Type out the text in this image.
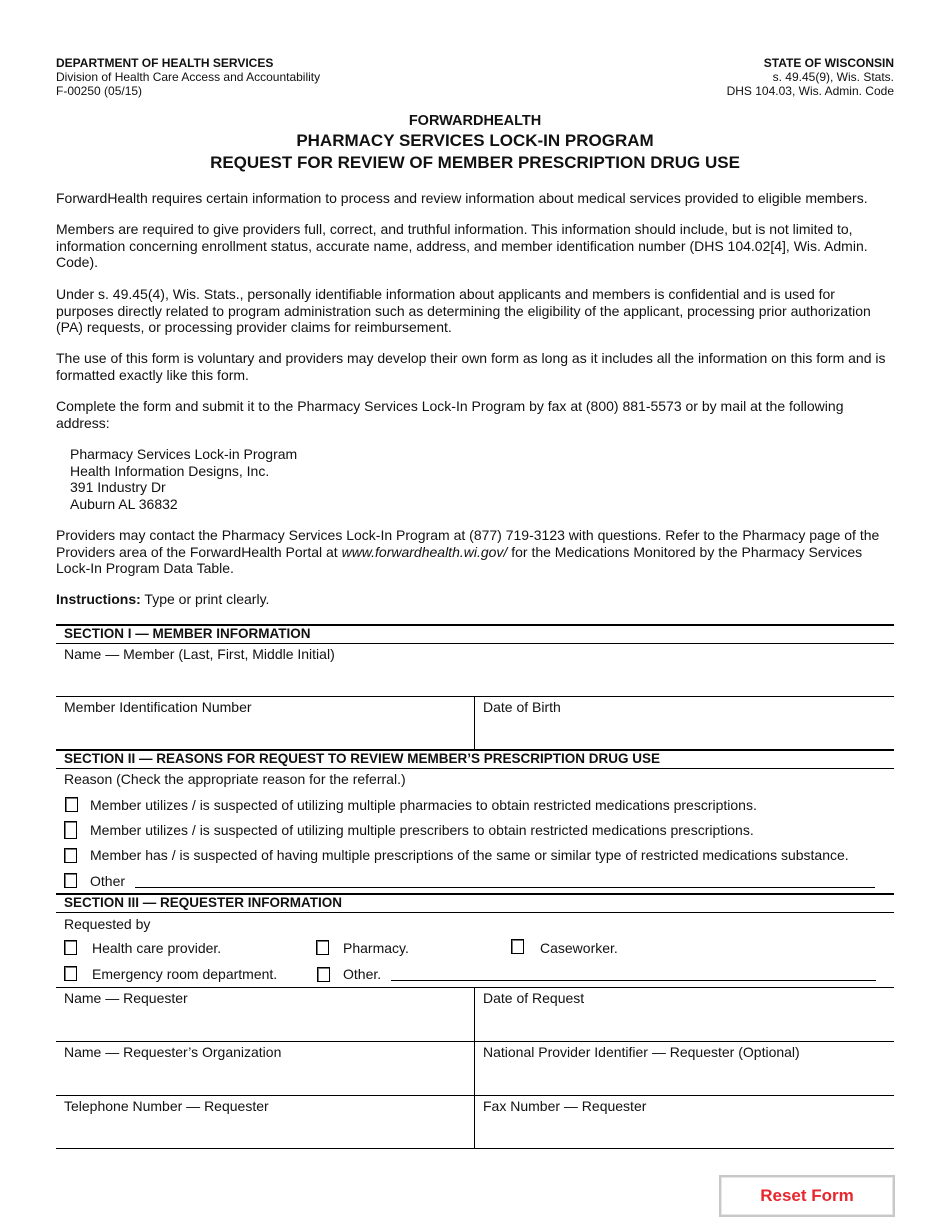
DEPARTMENT OF HEALTH SERVICES
Division of Health Care Access and Accountability
F-00250 (05/15)
STATE OF WISCONSIN
s. 49.45(9), Wis. Stats.
DHS 104.03, Wis. Admin. Code
FORWARDHEALTH
PHARMACY SERVICES LOCK-IN PROGRAM
REQUEST FOR REVIEW OF MEMBER PRESCRIPTION DRUG USE
ForwardHealth requires certain information to process and review information about medical services provided to eligible members.
Members are required to give providers full, correct, and truthful information. This information should include, but is not limited to, information concerning enrollment status, accurate name, address, and member identification number (DHS 104.02[4], Wis. Admin. Code).
Under s. 49.45(4), Wis. Stats., personally identifiable information about applicants and members is confidential and is used for purposes directly related to program administration such as determining the eligibility of the applicant, processing prior authorization (PA) requests, or processing provider claims for reimbursement.
The use of this form is voluntary and providers may develop their own form as long as it includes all the information on this form and is formatted exactly like this form.
Complete the form and submit it to the Pharmacy Services Lock-In Program by fax at (800) 881-5573 or by mail at the following address:
Pharmacy Services Lock-in Program
Health Information Designs, Inc.
391 Industry Dr
Auburn AL 36832
Providers may contact the Pharmacy Services Lock-In Program at (877) 719-3123 with questions. Refer to the Pharmacy page of the Providers area of the ForwardHealth Portal at www.forwardhealth.wi.gov/ for the Medications Monitored by the Pharmacy Services Lock-In Program Data Table.
Instructions: Type or print clearly.
SECTION I — MEMBER INFORMATION
Name — Member (Last, First, Middle Initial)
Member Identification Number	Date of Birth
SECTION II — REASONS FOR REQUEST TO REVIEW MEMBER’S PRESCRIPTION DRUG USE
Reason (Check the appropriate reason for the referral.)
Member utilizes / is suspected of utilizing multiple pharmacies to obtain restricted medications prescriptions.
Member utilizes / is suspected of utilizing multiple prescribers to obtain restricted medications prescriptions.
Member has / is suspected of having multiple prescriptions of the same or similar type of restricted medications substance.
Other
SECTION III — REQUESTER INFORMATION
Requested by
Health care provider.	Pharmacy.	Caseworker.
Emergency room department.	Other.
Name — Requester	Date of Request
Name — Requester’s Organization	National Provider Identifier — Requester (Optional)
Telephone Number — Requester	Fax Number — Requester
Reset Form
